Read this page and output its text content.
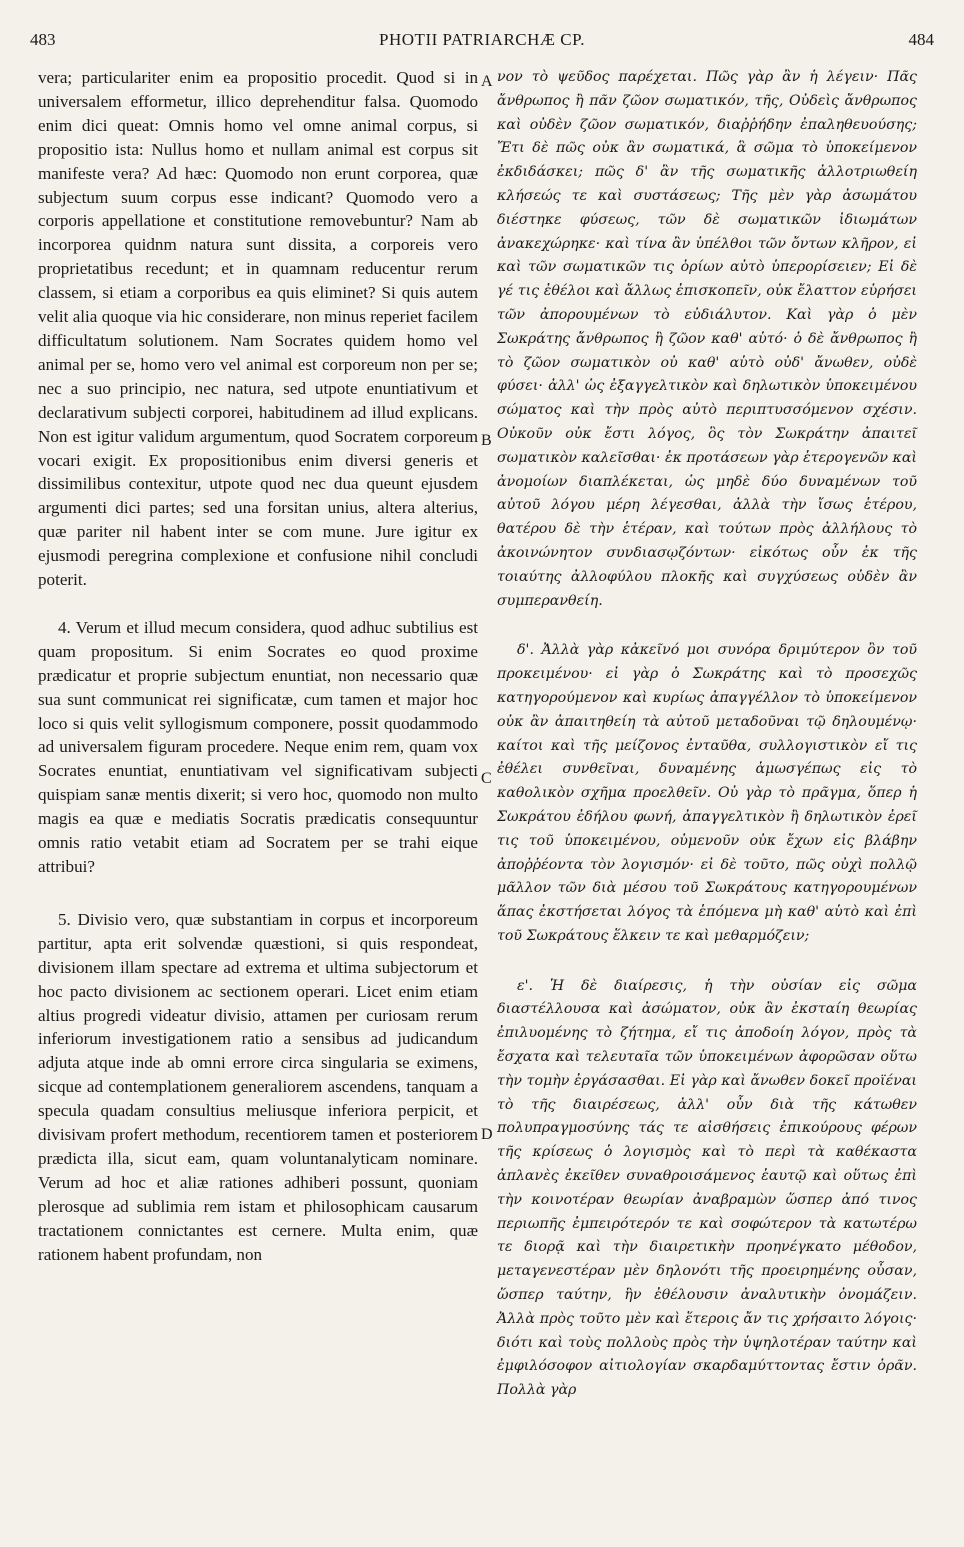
483	PHOTII PATRIARCHÆ CP.	484

vera; particulariter enim ea propositio procedit. Quod si in universalem efformetur, illico deprehenditur falsa. Quomodo enim dici queat: Omnis homo vel omne animal corpus, si propositio ista: Nullus homo et nullam animal est corpus sit manifeste vera? Ad hæc: Quomodo non erunt corporea, quæ subjectum suum corpus esse indicant? Quomodo vero a corporis appellatione et constitutione removebuntur? Nam ab incorporea quidnm natura sunt dissita, a corporeis vero proprietatibus recedunt; et in quamnam reducentur rerum classem, si etiam a corporibus ea quis eliminet? Si quis autem velit alia quoque via hic considerare, non minus reperiet facilem difficultatum solutionem. Nam Socrates quidem homo vel animal per se, homo vero vel animal est corporeum non per se; nec a suo principio, nec natura, sed utpote enuntiativum et declarativum subjecti corporei, habitudinem ad illud explicans. Non est igitur validum argumentum, quod Socratem corporeum vocari exigit. Ex propositionibus enim diversi generis et dissimilibus contexitur, utpote quod nec dua queunt ejusdem argumenti dici partes; sed una forsitan unius, altera alterius, quæ pariter nil habent inter se com mune. Jure igitur ex ejusmodi peregrina complexione et confusione nihil concludi poterit.

4. Verum et illud mecum considera, quod adhuc subtilius est quam propositum. Si enim Socrates eo quod proxime prædicatur et proprie subjectum enuntiat, non necessario quæ sua sunt communicat rei significatæ, cum tamen et major hoc loco si quis velit syllogismum componere, possit quodammodo ad universalem figuram procedere. Neque enim rem, quam vox Socrates enuntiat, enuntiativam vel significativam subjecti quispiam sanæ mentis dixerit; si vero hoc, quomodo non multo magis ea quæ e mediatis Socratis prædicatis consequuntur omnis ratio vetabit etiam ad Socratem per se trahi eique attribui?

5. Divisio vero, quæ substantiam in corpus et incorporeum partitur, apta erit solvendæ quæstioni, si quis respondeat, divisionem illam spectare ad extrema et ultima subjectorum et hoc pacto divisionem ac sectionem operari. Licet enim etiam altius progredi videatur divisio, attamen per curiosam rerum inferiorum investigationem ratio a sensibus ad judicandum adjuta atque inde ab omni errore circa singularia se eximens, sicque ad contemplationem generaliorem ascendens, tanquam a specula quadam consultius meliusque inferiora perpicit, et divisivam profert methodum, recentiorem tamen et posteriorem prædicta illa, sicut eam, quam voluntanalyticam nominare. Verum ad hoc et aliæ rationes adhiberi possunt, quoniam plerosque ad sublimia rem istam et philosophicam causarum tractationem connictantes est cernere. Multa enim, quæ rationem habent profundam, non

A
B
C
D

νον τὸ ψεῦδος παρέχεται. Πῶς γὰρ ἂν ἡ λέγειν· Πᾶς ἄνθρωπος ἢ πᾶν ζῶον σωματικόν, τῆς, Οὐδεὶς ἄνθρωπος καὶ οὐδὲν ζῶον σωματικόν, διαῤῥήδην ἐπαληθευούσης; Ἔτι δὲ πῶς οὐκ ἂν σωματικά, ἃ σῶμα τὸ ὑποκείμενον ἐκδιδάσκει; πῶς δ' ἂν τῆς σωματικῆς ἀλλοτριωθείη κλήσεώς τε καὶ συστάσεως; Τῆς μὲν γὰρ ἀσωμάτου διέστηκε φύσεως, τῶν δὲ σωματικῶν ἰδιωμάτων ἀνακεχώρηκε· καὶ τίνα ἂν ὑπέλθοι τῶν ὄντων κλῆρον, εἰ καὶ τῶν σωματικῶν τις ὁρίων αὐτὸ ὑπερορίσειεν; Εἰ δὲ γέ τις ἐθέλοι καὶ ἄλλως ἐπισκοπεῖν, οὐκ ἔλαττον εὑρήσει τῶν ἀπορουμένων τὸ εὐδιάλυτον. Καὶ γὰρ ὁ μὲν Σωκράτης ἄνθρωπος ἢ ζῶον καθ' αὑτό· ὁ δὲ ἄνθρωπος ἢ τὸ ζῶον σωματικὸν οὐ καθ' αὑτὸ οὐδ' ἄνωθεν, οὐδὲ φύσει· ἀλλ' ὡς ἐξαγγελτικὸν καὶ δηλωτικὸν ὑποκειμένου σώματος καὶ τὴν πρὸς αὐτὸ περιπτυσσόμενον σχέσιν. Οὐκοῦν οὐκ ἔστι λόγος, ὃς τὸν Σωκράτην ἀπαιτεῖ σωματικὸν καλεῖσθαι· ἐκ προτάσεων γὰρ ἑτερογενῶν καὶ ἀνομοίων διαπλέκεται, ὡς μηδὲ δύο δυναμένων τοῦ αὐτοῦ λόγου μέρη λέγεσθαι, ἀλλὰ τὴν ἴσως ἑτέρου, θατέρου δὲ τὴν ἑτέραν, καὶ τούτων πρὸς ἀλλήλους τὸ ἀκοινώνητον συνδιασῳζόντων· εἰκότως οὖν ἐκ τῆς τοιαύτης ἀλλοφύλου πλοκῆς καὶ συγχύσεως οὐδὲν ἂν συμπερανθείη.

δ'. Ἀλλὰ γὰρ κἀκεῖνό μοι συνόρα δριμύτερον ὂν τοῦ προκειμένου· εἰ γὰρ ὁ Σωκράτης καὶ τὸ προσεχῶς κατηγορούμενον καὶ κυρίως ἀπαγγέλλον τὸ ὑποκείμενον οὐκ ἂν ἀπαιτηθείη τὰ αὐτοῦ μεταδοῦναι τῷ δηλουμένῳ· καίτοι καὶ τῆς μείζονος ἐνταῦθα, συλλογιστικὸν εἴ τις ἐθέλει συνθεῖναι, δυναμένης ἁμωσγέπως εἰς τὸ καθολικὸν σχῆμα προελθεῖν. Οὐ γὰρ τὸ πρᾶγμα, ὅπερ ἡ Σωκράτου ἐδήλου φωνή, ἀπαγγελτικὸν ἢ δηλωτικὸν ἐρεῖ τις τοῦ ὑποκειμένου, οὐμενοῦν οὐκ ἔχων εἰς βλάβην ἀποῤῥέοντα τὸν λογισμόν· εἰ δὲ τοῦτο, πῶς οὐχὶ πολλῷ μᾶλλον τῶν διὰ μέσου τοῦ Σωκράτους κατηγορουμένων ἅπας ἐκστήσεται λόγος τὰ ἑπόμενα μὴ καθ' αὑτὸ καὶ ἐπὶ τοῦ Σωκράτους ἕλκειν τε καὶ μεθαρμόζειν;

ε'. Ἡ δὲ διαίρεσις, ἡ τὴν οὐσίαν εἰς σῶμα διαστέλλουσα καὶ ἀσώματον, οὐκ ἂν ἐκσταίη θεωρίας ἐπιλυομένης τὸ ζήτημα, εἴ τις ἀποδοίη λόγον, πρὸς τὰ ἔσχατα καὶ τελευταῖα τῶν ὑποκειμένων ἀφορῶσαν οὕτω τὴν τομὴν ἐργάσασθαι. Εἰ γὰρ καὶ ἄνωθεν δοκεῖ προϊέναι τὸ τῆς διαιρέσεως, ἀλλ' οὖν διὰ τῆς κάτωθεν πολυπραγμοσύνης τάς τε αἰσθήσεις ἐπικούρους φέρων τῆς κρίσεως ὁ λογισμὸς καὶ τὸ περὶ τὰ καθέκαστα ἀπλανὲς ἐκεῖθεν συναθροισάμενος ἑαυτῷ καὶ οὕτως ἐπὶ τὴν κοινοτέραν θεωρίαν ἀναβραμὼν ὥσπερ ἀπό τινος περιωπῆς ἐμπειρότερόν τε καὶ σοφώτερον τὰ κατωτέρω τε διορᾷ καὶ τὴν διαιρετικὴν προηνέγκατο μέθοδον, μεταγενεστέραν μὲν δηλονότι τῆς προειρημένης οὖσαν, ὥσπερ ταύτην, ἣν ἐθέλουσιν ἀναλυτικὴν ὀνομάζειν. Ἀλλὰ πρὸς τοῦτο μὲν καὶ ἕτεροις ἄν τις χρήσαιτο λόγοις· διότι καὶ τοὺς πολλοὺς πρὸς τὴν ὑψηλοτέραν ταύτην καὶ ἐμφιλόσοφον αἰτιολογίαν σκαρδαμύττοντας ἔστιν ὁρᾶν. Πολλὰ γὰρ
